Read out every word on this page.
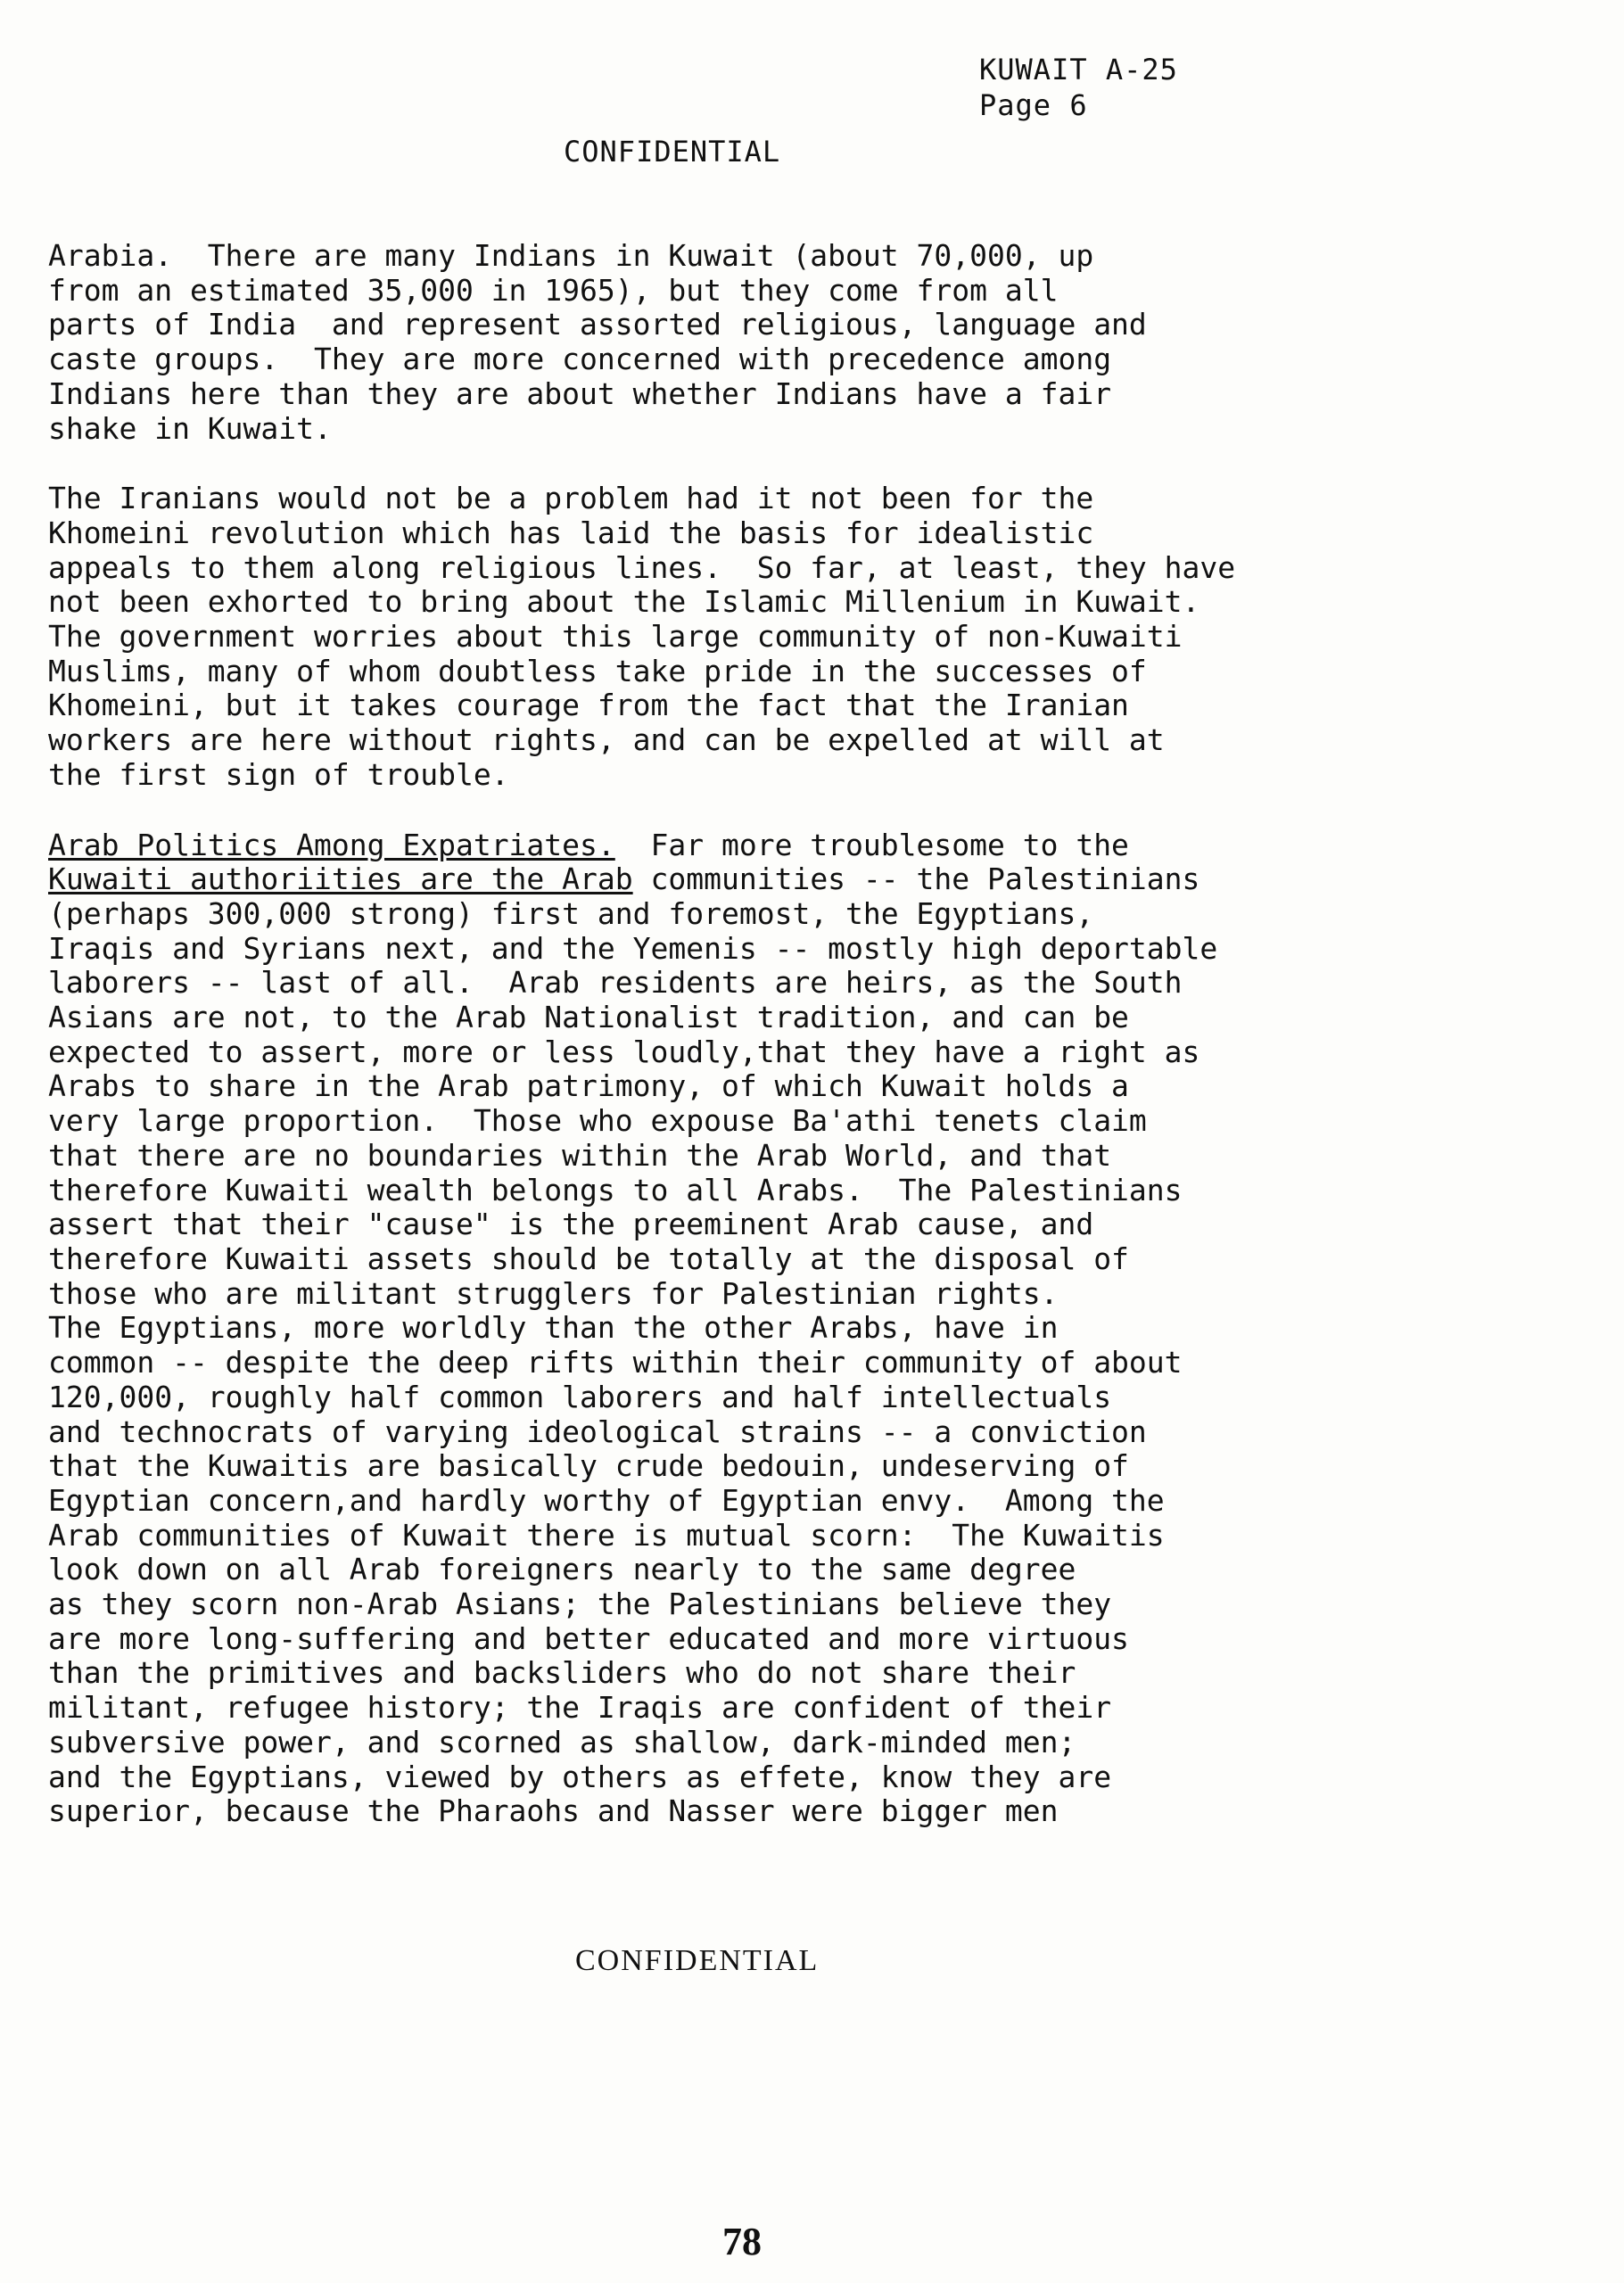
KUWAIT A-25
Page 6
CONFIDENTIAL
Arabia.  There are many Indians in Kuwait (about 70,000, up
from an estimated 35,000 in 1965), but they come from all
parts of India  and represent assorted religious, language and
caste groups.  They are more concerned with precedence among
Indians here than they are about whether Indians have a fair
shake in Kuwait.
The Iranians would not be a problem had it not been for the
Khomeini revolution which has laid the basis for idealistic
appeals to them along religious lines.  So far, at least, they have
not been exhorted to bring about the Islamic Millenium in Kuwait.
The government worries about this large community of non-Kuwaiti
Muslims, many of whom doubtless take pride in the successes of
Khomeini, but it takes courage from the fact that the Iranian
workers are here without rights, and can be expelled at will at
the first sign of trouble.
Arab Politics Among Expatriates.  Far more troublesome to the
Kuwaiti authoriities are the Arab communities -- the Palestinians
(perhaps 300,000 strong) first and foremost, the Egyptians,
Iraqis and Syrians next, and the Yemenis -- mostly high deportable
laborers -- last of all.  Arab residents are heirs, as the South
Asians are not, to the Arab Nationalist tradition, and can be
expected to assert, more or less loudly,that they have a right as
Arabs to share in the Arab patrimony, of which Kuwait holds a
very large proportion.  Those who expouse Ba'athi tenets claim
that there are no boundaries within the Arab World, and that
therefore Kuwaiti wealth belongs to all Arabs.  The Palestinians
assert that their "cause" is the preeminent Arab cause, and
therefore Kuwaiti assets should be totally at the disposal of
those who are militant strugglers for Palestinian rights.
The Egyptians, more worldly than the other Arabs, have in
common -- despite the deep rifts within their community of about
120,000, roughly half common laborers and half intellectuals
and technocrats of varying ideological strains -- a conviction
that the Kuwaitis are basically crude bedouin, undeserving of
Egyptian concern,and hardly worthy of Egyptian envy.  Among the
Arab communities of Kuwait there is mutual scorn:  The Kuwaitis
look down on all Arab foreigners nearly to the same degree
as they scorn non-Arab Asians; the Palestinians believe they
are more long-suffering and better educated and more virtuous
than the primitives and backsliders who do not share their
militant, refugee history; the Iraqis are confident of their
subversive power, and scorned as shallow, dark-minded men;
and the Egyptians, viewed by others as effete, know they are
superior, because the Pharaohs and Nasser were bigger men
CONFIDENTIAL
78
